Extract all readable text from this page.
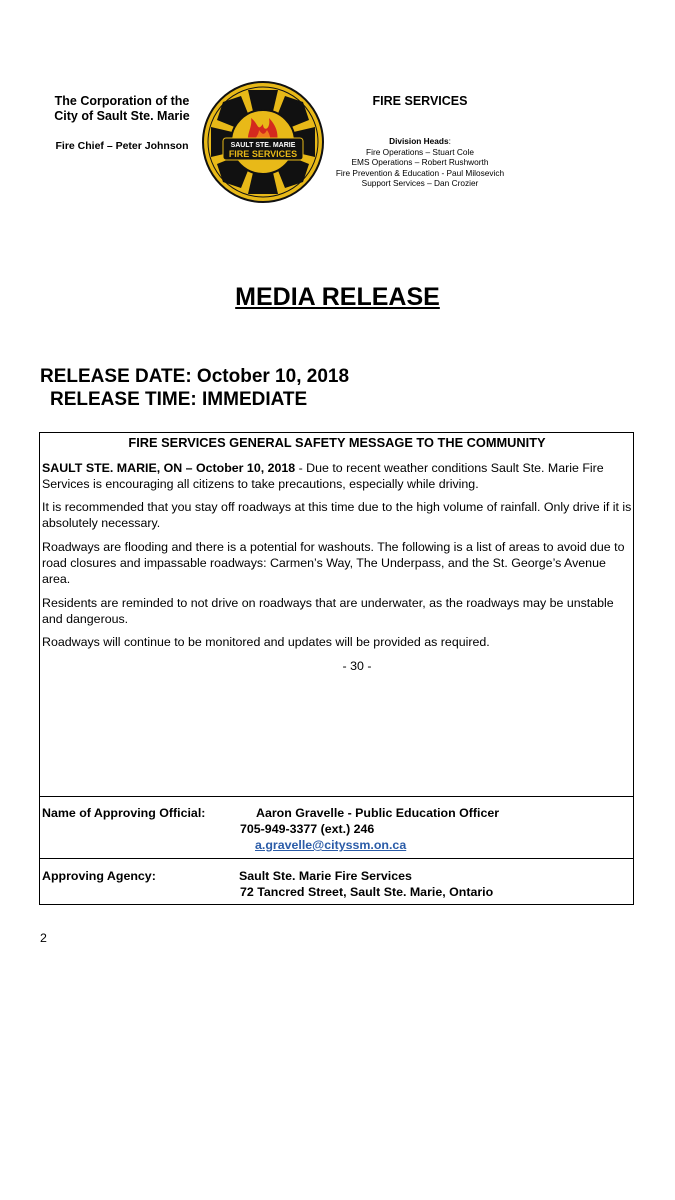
The Corporation of the
City of Sault Ste. Marie
Fire Chief – Peter Johnson	SAULT STE. MARIE
FIRE SERVICES
FIRE SERVICES
Division Heads:
Fire Operations – Stuart Cole
EMS Operations – Robert Rushworth
Fire Prevention & Education - Paul Milosevich
Support Services – Dan Crozier
MEDIA RELEASE
RELEASE DATE: October 10, 2018
RELEASE TIME: IMMEDIATE
FIRE SERVICES GENERAL SAFETY MESSAGE TO THE COMMUNITY
SAULT STE. MARIE, ON – October 10, 2018 - Due to recent weather conditions Sault Ste. Marie Fire Services is encouraging all citizens to take precautions, especially while driving.
It is recommended that you stay off roadways at this time due to the high volume of rainfall. Only drive if it is absolutely necessary.
Roadways are flooding and there is a potential for washouts. The following is a list of areas to avoid due to road closures and impassable roadways: Carmen’s Way, The Underpass, and the St. George’s Avenue area.
Residents are reminded to not drive on roadways that are underwater, as the roadways may be unstable and dangerous.
Roadways will continue to be monitored and updates will be provided as required.
- 30 -
Name of Approving Official:	Aaron Gravelle - Public Education Officer
705-949-3377 (ext.) 246
a.gravelle@cityssm.on.ca
Approving Agency:	Sault Ste. Marie Fire Services
72 Tancred Street, Sault Ste. Marie, Ontario
2
